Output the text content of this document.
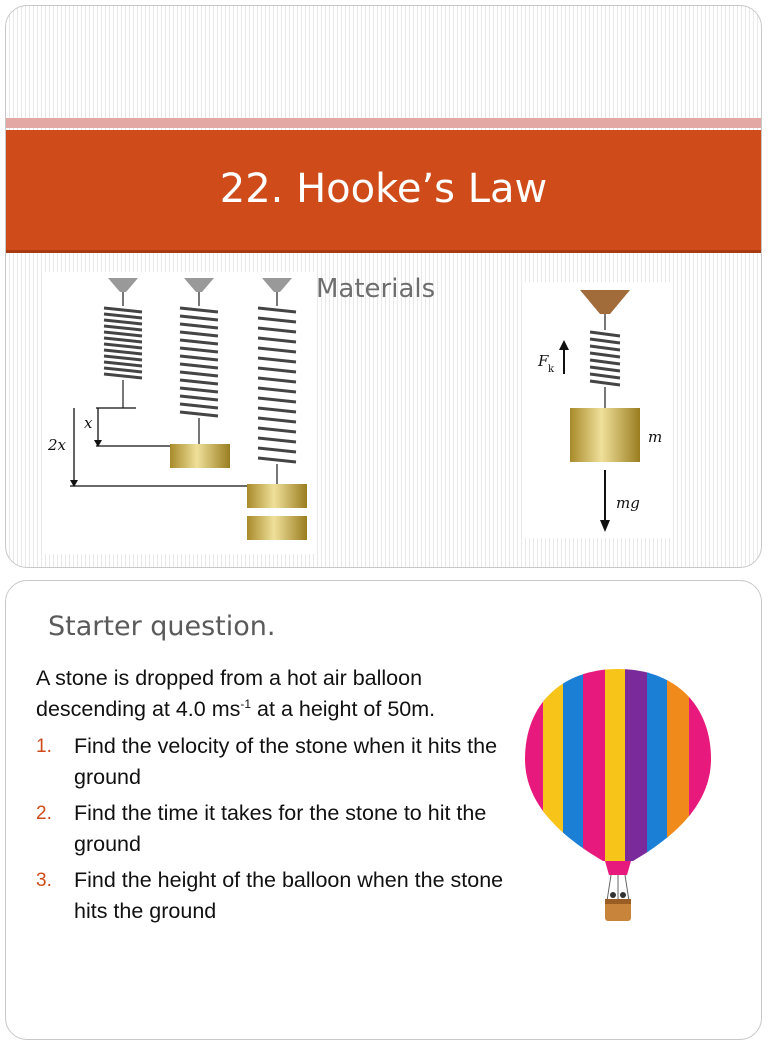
22. Hooke’s Law
x
2x
Materials
F k
m
mg
Starter question.

A stone is dropped from a hot air balloon
descending at 4.0 $ms^{-1}$ at a height of 50m.

1. Find the velocity of the stone when it hits the ground
2. Find the time it takes for the stone to hit the ground
3. Find the height of the balloon when the stone hits the ground
